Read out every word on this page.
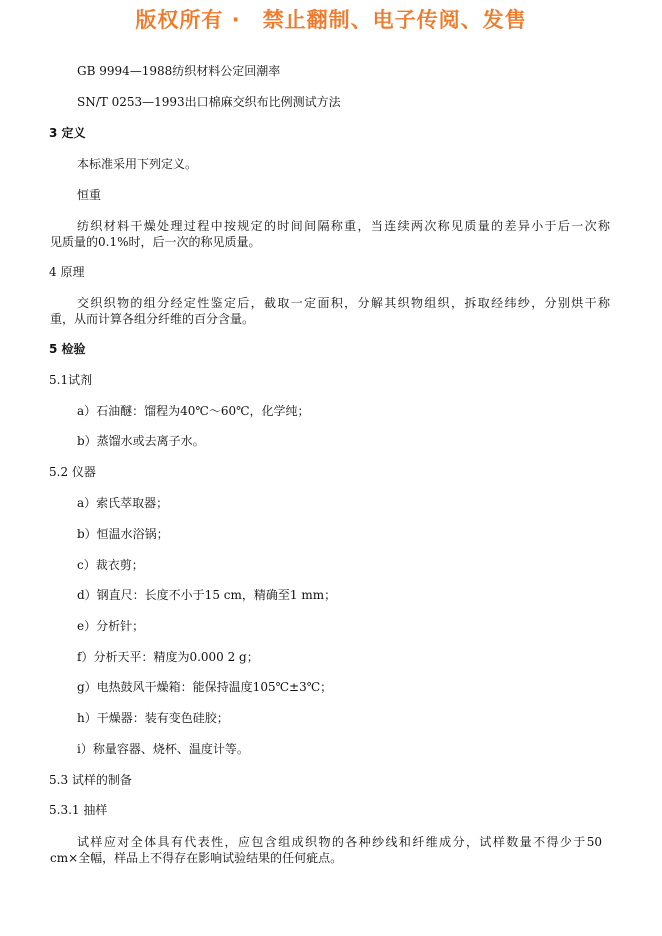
版权所有 ·　禁止翻制、电子传阅、发售
GB 9994—1988纺织材料公定回潮率
SN/T 0253—1993出口棉麻交织布比例测试方法
3 定义
本标准采用下列定义。
恒重
纺织材料干燥处理过程中按规定的时间间隔称重，当连续两次称见质量的差异小于后一次称
见质量的0.1%时，后一次的称见质量。
4 原理
交织织物的组分经定性鉴定后，截取一定面积，分解其织物组织，拆取经纬纱，分别烘干称
重，从而计算各组分纤维的百分含量。
5 检验
5.1试剂
a）石油醚：馏程为40℃～60℃，化学纯；
b）蒸馏水或去离子水。
5.2 仪器
a）索氏萃取器；
b）恒温水浴锅；
c）裁衣剪；
d）钢直尺：长度不小于15 cm，精确至1 mm；
e）分析针；
f）分析天平：精度为0.000 2 g；
g）电热鼓风干燥箱：能保持温度105℃±3℃；
h）干燥器：装有变色硅胶；
i）称量容器、烧杯、温度计等。
5.3 试样的制备
5.3.1 抽样
试样应对全体具有代表性，应包含组成织物的各种纱线和纤维成分，试样数量不得少于50
cm×全幅，样品上不得存在影响试验结果的任何疵点。
